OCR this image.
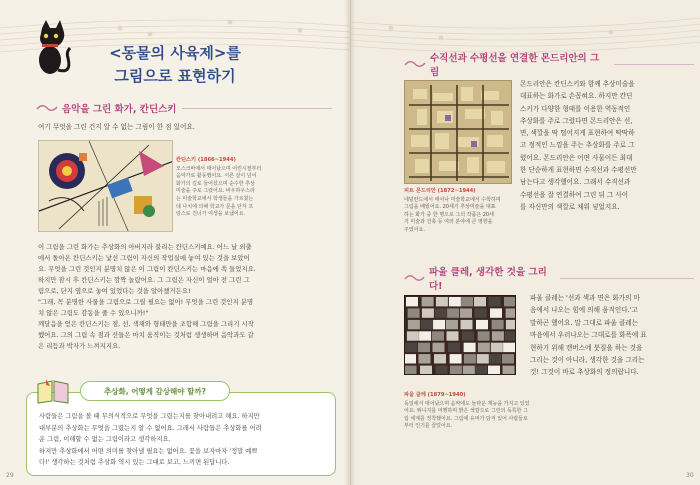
<동물의 사육제>를
그림으로 표현하기
음악을 그린 화가, 칸딘스키
여기 무엇을 그린 건지 알 수 없는 그림이 한 점 있어요.
칸딘스키 (1866~1944)
모스크바에서 태어났으며 어린시절부터
음악가로 활동했어요. 서른 살이 넘어
화가의 길로 들어섰으며 순수한 추상
미술을 주로 그렸어요. 바우하우스라
는 미술학교에서 학생들을 가르쳤는
데 나치에 의해 학교가 문을 닫자 프
랑스로 건너가 여생을 보냈어요.
이 그림을 그린 화가는 추상화의 아버지라 불리는 칸딘스키예요. 어느 날 외출
에서 돌아온 칸딘스키는 낯선 그림이 자신의 작업실에 놓여 있는 것을 보았어
요. 무엇을 그린 것인지 분명치 않은 이 그림이 칸딘스키는 마음에 쏙 들었지요.
하지만 잠시 후 칸딘스키는 깜짝 놀랐어요. 그 그림은 자신이 얼마 전 그린 그
림으로, 단지 옆으로 놓여 있었다는 것을 알아챘거든요!
"그래, 꼭 분명한 사물을 그림으로 그릴 필요는 없어! 무엇을 그린 것인지 분명
치 않은 그림도 감동을 줄 수 있으니까!"
깨달음을 얻은 칸딘스키는 점, 선, 색채와 형태만을 조합해 그림을 그리기 시작
했어요. 그의 그림 속 점과 선들은 마치 움직이는 것처럼 생생하며 음악과도 같
은 리듬과 박자가 느껴지지요.
사람들은 그림을 볼 때 무의식적으로 무엇을 그렸는지를 찾아내려고 해요. 하지만
대부분의 추상화는 무엇을 그렸는지 알 수 없어요. 그래서 사람들은 추상화를 어려
운 그림, 이해할 수 없는 그림이라고 생각하지요.
하지만 추상화에서 어떤 의미를 찾아낼 필요는 없어요. 꽃을 보자마자 '정말 예쁘
다!' 생각하는 것처럼 추상화 역시 있는 그대로 보고, 느끼면 된답니다.
추상화, 어떻게 감상해야 할까?
29
수직선과 수평선을 연결한 몬드리안의 그림
피트 몬드리안 (1872~1944)
네덜란드에서 태어나 미술학교에서 수학하며
그림을 배웠어요. 20세기 추상미술을 대표
하는 화가 중 한 명으로 그의 작품은 20세
기 미술과 건축 등 여러 분야에 큰 영향을
주었어요.
몬드리안은 칸딘스키와 함께 추상미술을
대표하는 화가로 손꼽혀요. 하지만 칸딘
스키가 다양한 형태를 이용한 역동적인
추상화를 주로 그렸다면 몬드리안은 선,
면, 색깔을 딱 떨어지게 표현하여 딱딱하
고 정적인 느낌을 주는 추상화를 주로 그
렸어요. 몬드리안은 어떤 사물이든 최대
한 단순하게 표현하면 수직선과 수평선만
남는다고 생각했어요. 그래서 수직선과
수평선을 잘 연결하여 그린 뒤 그 사이
를 자신만의 색깔로 채워 넣었지요.
파울 클레, 생각한 것을 그리다!
파울 클레 (1879~1940)
독일에서 태어났으며 음악에도 놀라운 재능을 가지고 있었
어요. 튀니지를 여행하며 밝은 색깔으로 그린의 독특한 그
림 세계를 정착했어요. 그림에 유머가 담겨 있어 사람들로
부터 인기를 끌었어요.
파울 클레는 '선과 색과 면은 화가의 마
음에서 나오는 힘에 의해 움직인다.'고
말하곤 했어요. 말 그대로 파울 클레는
마음에서 우러나오는 그대로를 화폭에 표
현하기 위해 캔버스에 붓질을 하는 것을
그리는 것이 아니라, 생각한 것을 그리는
것! 그것이 바로 추상화의 정의랍니다.
30
